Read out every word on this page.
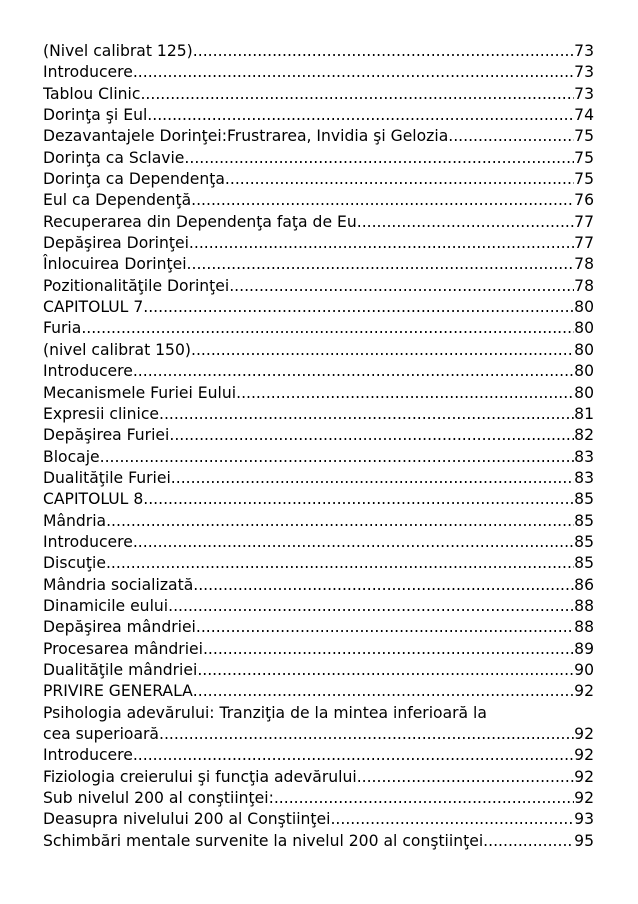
(Nivel calibrat 125) .....	73
Introducere .....	73
Tablou Clinic .....	73
Dorinţa şi Eul .....	74
Dezavantajele Dorinţei:Frustrarea, Invidia şi Gelozia .....	75
Dorinţa ca Sclavie .....	75
Dorinţa ca Dependenţa .....	75
Eul ca Dependenţă .....	76
Recuperarea din Dependenţa faţa de Eu .....	77
Depăşirea Dorinţei .....	77
Înlocuirea Dorinţei .....	78
Pozitionalităţile Dorinţei .....	78
CAPITOLUL 7 .....	80
Furia .....	80
(nivel calibrat 150) .....	80
Introducere .....	80
Mecanismele Furiei Eului .....	80
Expresii clinice .....	81
Depăşirea Furiei .....	82
Blocaje .....	83
Dualităţile Furiei .....	83
CAPITOLUL 8 .....	85
Mândria .....	85
Introducere .....	85
Discuţie .....	85
Mândria socializată .....	86
Dinamicile eului .....	88
Depăşirea mândriei .....	88
Procesarea mândriei .....	89
Dualităţile mândriei .....	90
PRIVIRE GENERALA .....	92
Psihologia adevărului: Tranziţia de la mintea inferioară la
cea superioară .....	92
Introducere .....	92
Fiziologia creierului şi funcţia adevărului .....	92
Sub nivelul 200 al conştiinţei: .....	92
Deasupra nivelului 200 al Conştiinţei .....	93
Schimbări mentale survenite la nivelul 200 al conştiinţei .....	95
